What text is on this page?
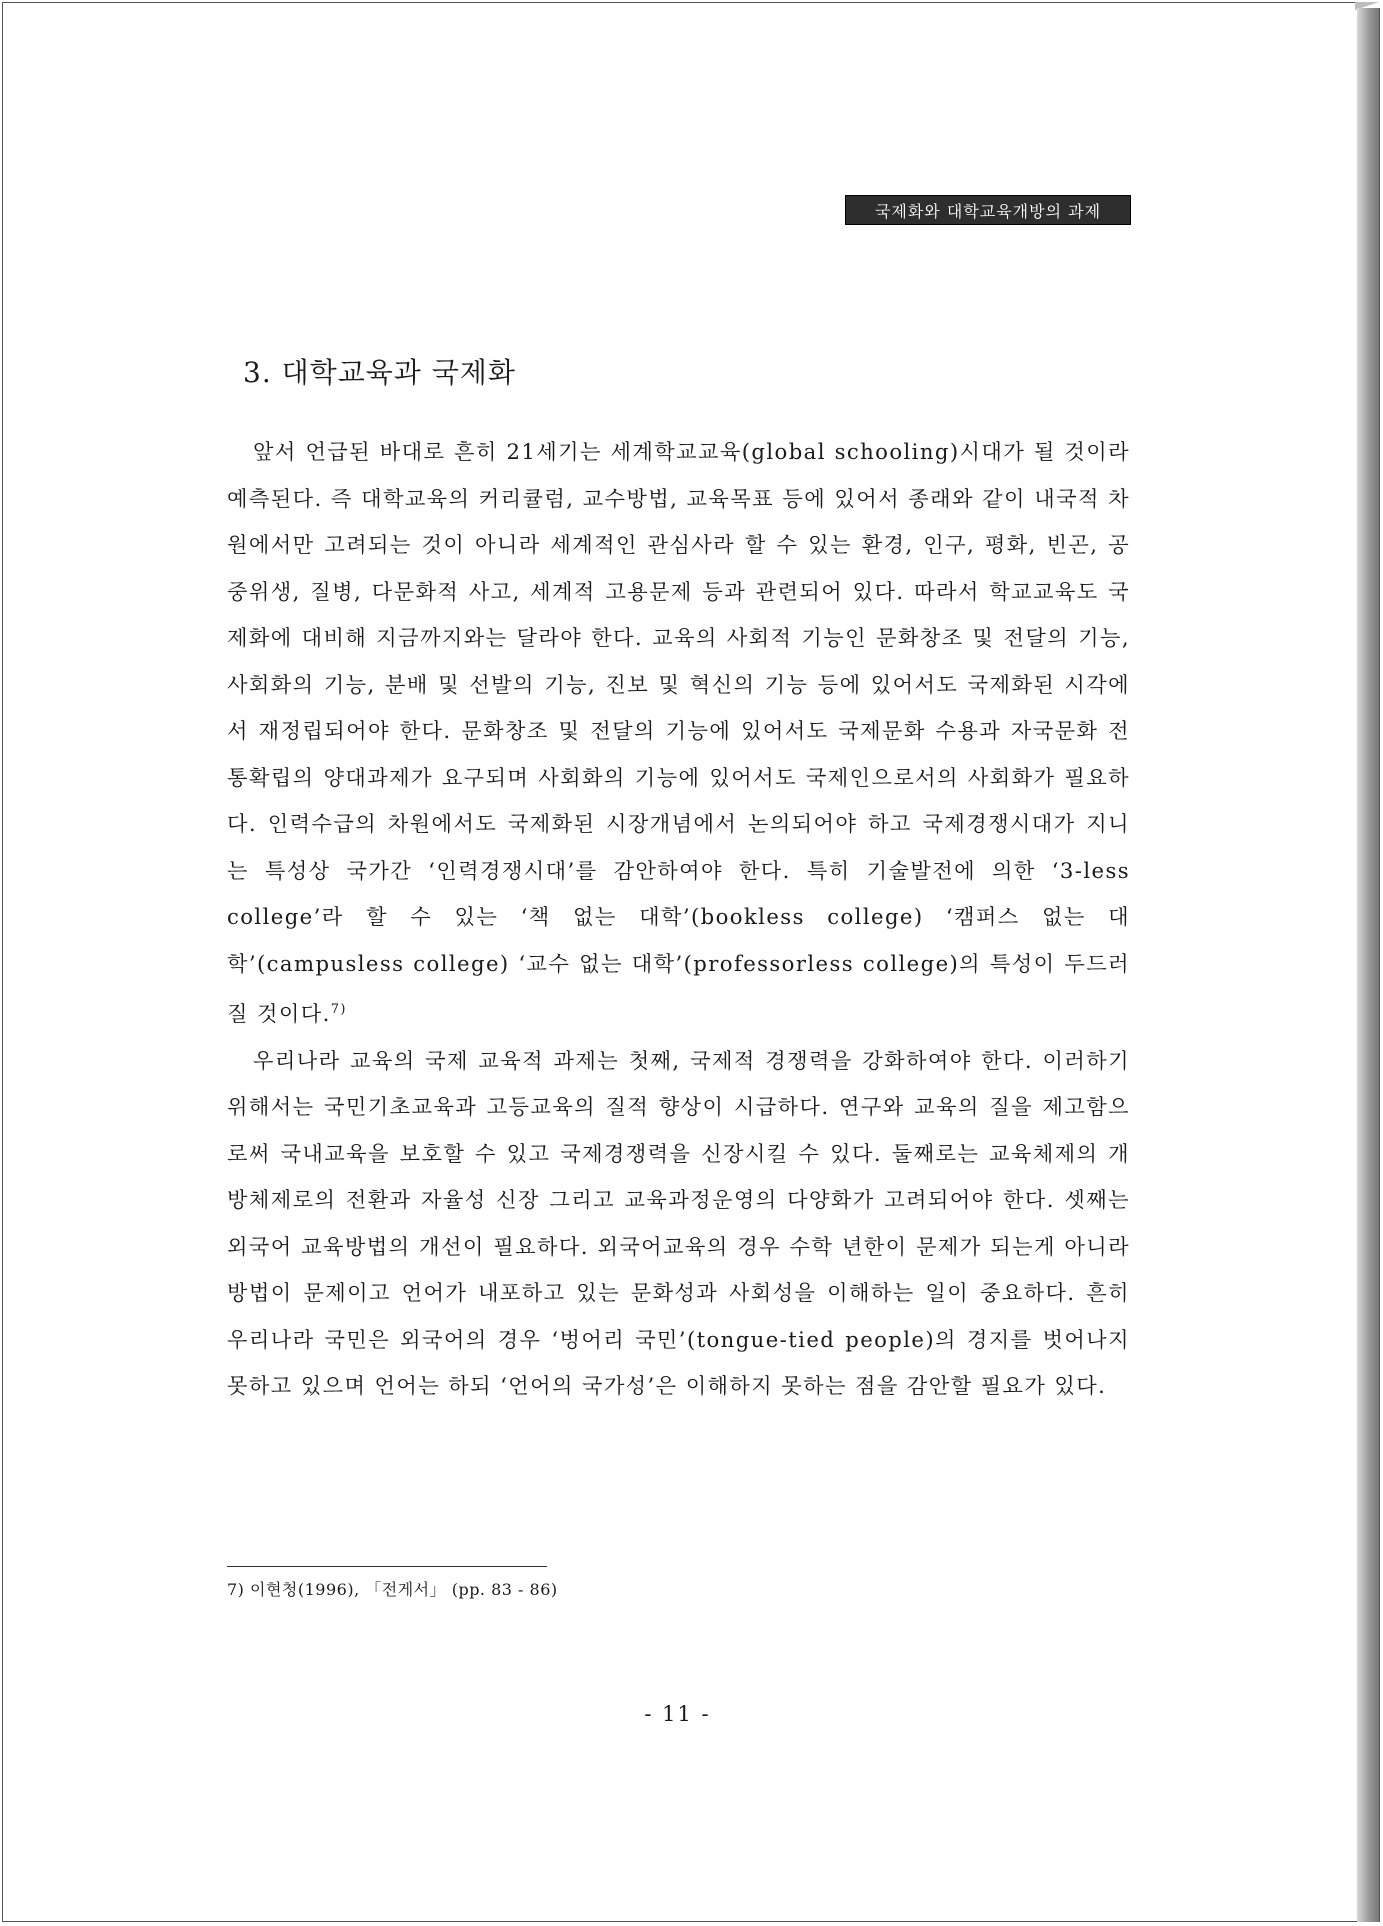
국제화와 대학교육개방의 과제
3. 대학교육과 국제화

앞서 언급된 바대로 흔히 21세기는 세계학교교육(global schooling)시대가 될 것이라 예측된다. 즉 대학교육의 커리큘럼, 교수방법, 교육목표 등에 있어서 종래와 같이 내국적 차원에서만 고려되는 것이 아니라 세계적인 관심사라 할 수 있는 환경, 인구, 평화, 빈곤, 공중위생, 질병, 다문화적 사고, 세계적 고용문제 등과 관련되어 있다. 따라서 학교교육도 국제화에 대비해 지금까지와는 달라야 한다. 교육의 사회적 기능인 문화창조 및 전달의 기능, 사회화의 기능, 분배 및 선발의 기능, 진보 및 혁신의 기능 등에 있어서도 국제화된 시각에서 재정립되어야 한다. 문화창조 및 전달의 기능에 있어서도 국제문화 수용과 자국문화 전통확립의 양대과제가 요구되며 사회화의 기능에 있어서도 국제인으로서의 사회화가 필요하다. 인력수급의 차원에서도 국제화된 시장개념에서 논의되어야 하고 국제경쟁시대가 지니는 특성상 국가간 ‘인력경쟁시대’를 감안하여야 한다. 특히 기술발전에 의한 ‘3-less college’라 할 수 있는 ‘책 없는 대학’(bookless college) ‘캠퍼스 없는 대학’(campusless college) ‘교수 없는 대학’(professorless college)의 특성이 두드러질 것이다.$^{7)}$

우리나라 교육의 국제 교육적 과제는 첫째, 국제적 경쟁력을 강화하여야 한다. 이러하기 위해서는 국민기초교육과 고등교육의 질적 향상이 시급하다. 연구와 교육의 질을 제고함으로써 국내교육을 보호할 수 있고 국제경쟁력을 신장시킬 수 있다. 둘째로는 교육체제의 개방체제로의 전환과 자율성 신장 그리고 교육과정운영의 다양화가 고려되어야 한다. 셋째는 외국어 교육방법의 개선이 필요하다. 외국어교육의 경우 수학 년한이 문제가 되는게 아니라 방법이 문제이고 언어가 내포하고 있는 문화성과 사회성을 이해하는 일이 중요하다. 흔히 우리나라 국민은 외국어의 경우 ‘벙어리 국민’(tongue-tied people)의 경지를 벗어나지 못하고 있으며 언어는 하되 ‘언어의 국가성’은 이해하지 못하는 점을 감안할 필요가 있다.

7) 이현청(1996), 「전게서」 (pp. 83 - 86)
- 11 -
